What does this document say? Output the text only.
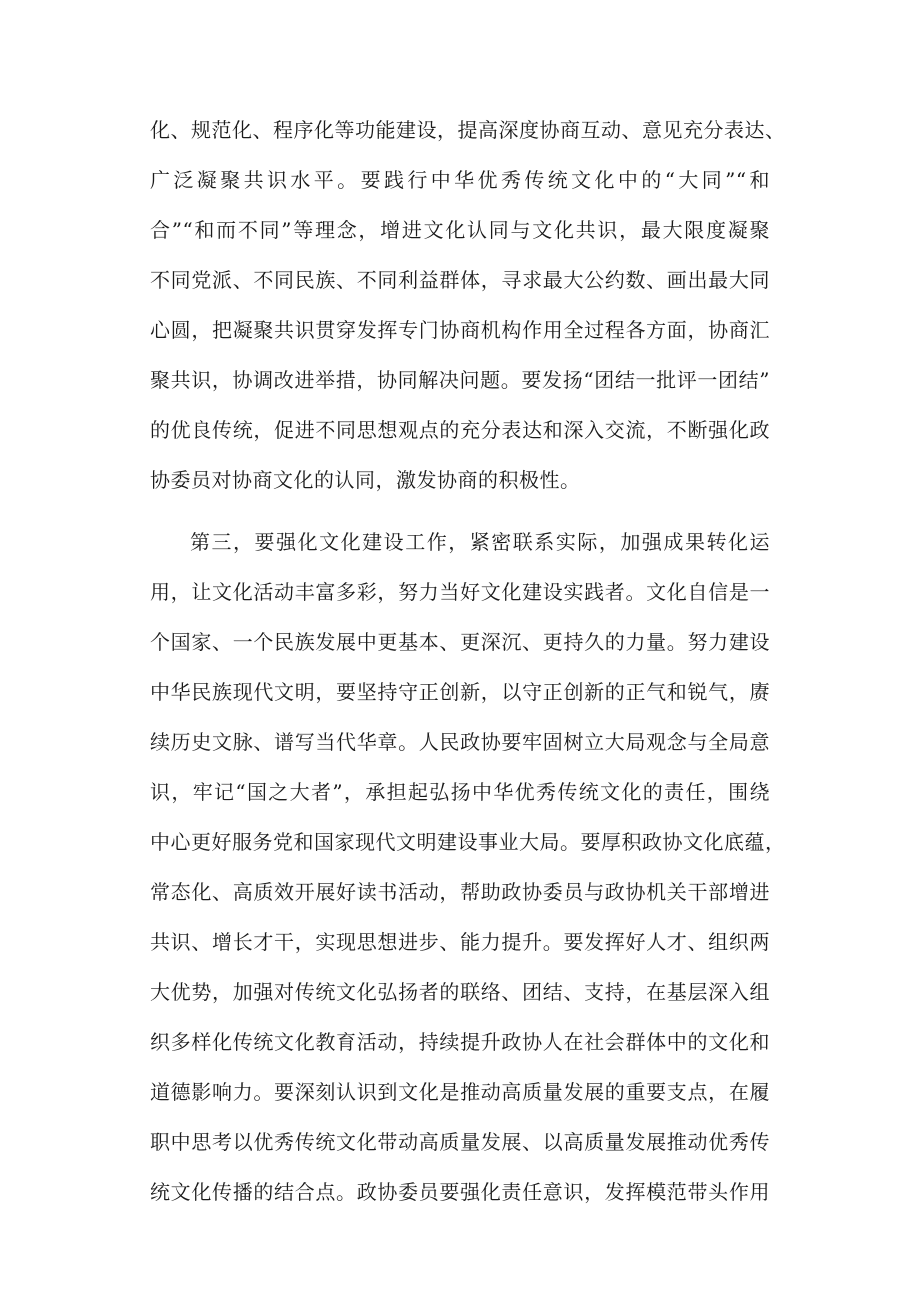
化、规范化、程序化等功能建设，提高深度协商互动、意见充分表达、
广泛凝聚共识水平。要践行中华优秀传统文化中的“大同”“和
合”“和而不同”等理念，增进文化认同与文化共识，最大限度凝聚
不同党派、不同民族、不同利益群体，寻求最大公约数、画出最大同
心圆，把凝聚共识贯穿发挥专门协商机构作用全过程各方面，协商汇
聚共识，协调改进举措，协同解决问题。要发扬“团结一批评一团结”
的优良传统，促进不同思想观点的充分表达和深入交流，不断强化政
协委员对协商文化的认同，激发协商的积极性。
第三，要强化文化建设工作，紧密联系实际，加强成果转化运
用，让文化活动丰富多彩，努力当好文化建设实践者。文化自信是一
个国家、一个民族发展中更基本、更深沉、更持久的力量。努力建设
中华民族现代文明，要坚持守正创新，以守正创新的正气和锐气，赓
续历史文脉、谱写当代华章。人民政协要牢固树立大局观念与全局意
识，牢记“国之大者”，承担起弘扬中华优秀传统文化的责任，围绕
中心更好服务党和国家现代文明建设事业大局。要厚积政协文化底蕴，
常态化、高质效开展好读书活动，帮助政协委员与政协机关干部增进
共识、增长才干，实现思想进步、能力提升。要发挥好人才、组织两
大优势，加强对传统文化弘扬者的联络、团结、支持，在基层深入组
织多样化传统文化教育活动，持续提升政协人在社会群体中的文化和
道德影响力。要深刻认识到文化是推动高质量发展的重要支点，在履
职中思考以优秀传统文化带动高质量发展、以高质量发展推动优秀传
统文化传播的结合点。政协委员要强化责任意识，发挥模范带头作用
